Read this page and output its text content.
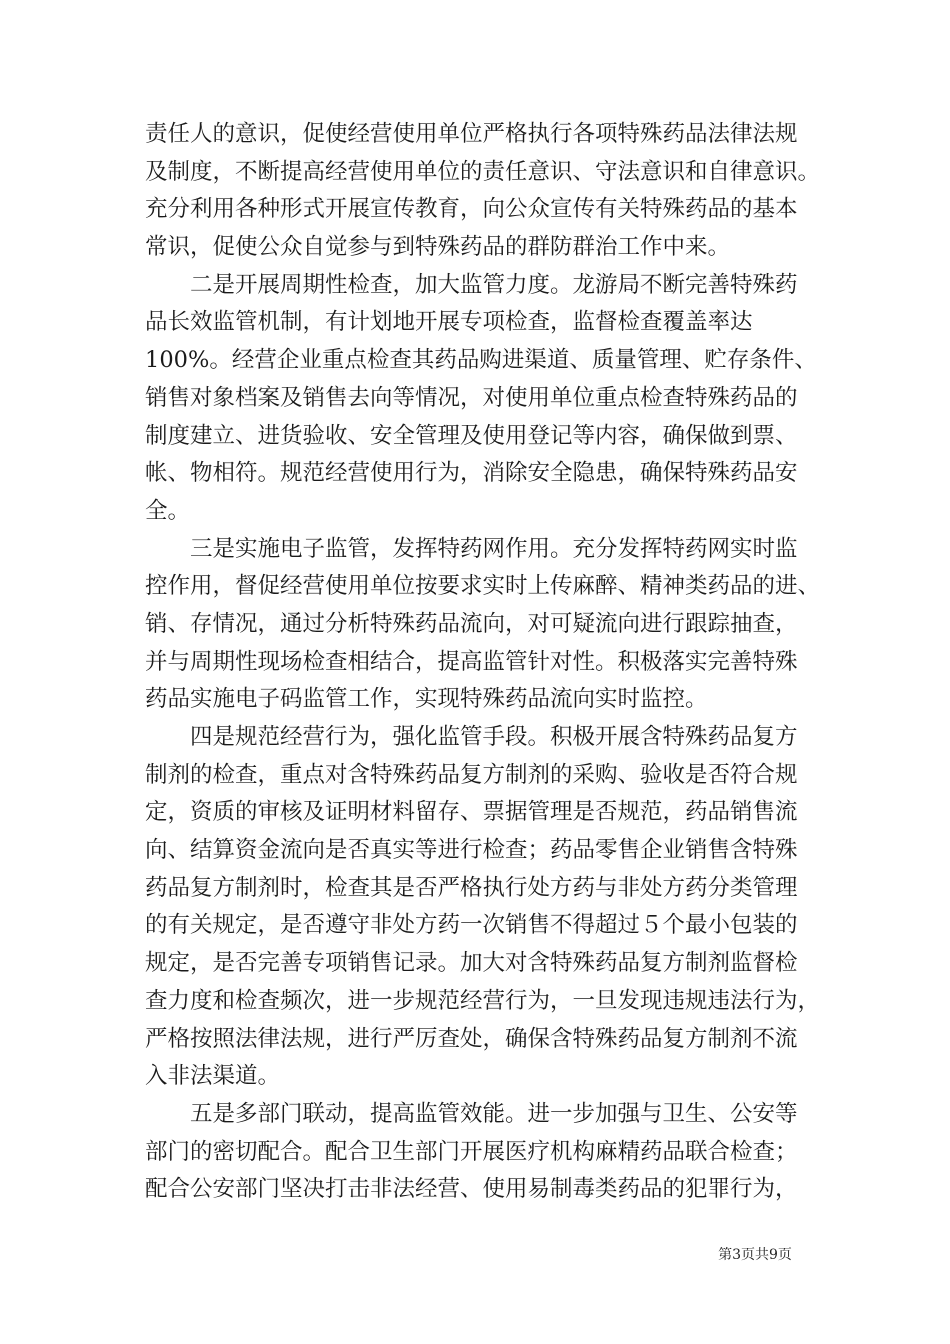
责任人的意识，促使经营使用单位严格执行各项特殊药品法律法规
及制度，不断提高经营使用单位的责任意识、守法意识和自律意识。
充分利用各种形式开展宣传教育，向公众宣传有关特殊药品的基本
常识，促使公众自觉参与到特殊药品的群防群治工作中来。
　　二是开展周期性检查，加大监管力度。龙游局不断完善特殊药
品长效监管机制，有计划地开展专项检查，监督检查覆盖率达
100%。经营企业重点检查其药品购进渠道、质量管理、贮存条件、
销售对象档案及销售去向等情况，对使用单位重点检查特殊药品的
制度建立、进货验收、安全管理及使用登记等内容，确保做到票、
帐、物相符。规范经营使用行为，消除安全隐患，确保特殊药品安
全。
　　三是实施电子监管，发挥特药网作用。充分发挥特药网实时监
控作用，督促经营使用单位按要求实时上传麻醉、精神类药品的进、
销、存情况，通过分析特殊药品流向，对可疑流向进行跟踪抽查，
并与周期性现场检查相结合，提高监管针对性。积极落实完善特殊
药品实施电子码监管工作，实现特殊药品流向实时监控。
　　四是规范经营行为，强化监管手段。积极开展含特殊药品复方
制剂的检查，重点对含特殊药品复方制剂的采购、验收是否符合规
定，资质的审核及证明材料留存、票据管理是否规范，药品销售流
向、结算资金流向是否真实等进行检查；药品零售企业销售含特殊
药品复方制剂时，检查其是否严格执行处方药与非处方药分类管理
的有关规定，是否遵守非处方药一次销售不得超过５个最小包装的
规定，是否完善专项销售记录。加大对含特殊药品复方制剂监督检
查力度和检查频次，进一步规范经营行为，一旦发现违规违法行为，
严格按照法律法规，进行严厉查处，确保含特殊药品复方制剂不流
入非法渠道。
　　五是多部门联动，提高监管效能。进一步加强与卫生、公安等
部门的密切配合。配合卫生部门开展医疗机构麻精药品联合检查；
配合公安部门坚决打击非法经营、使用易制毒类药品的犯罪行为，
第3页共9页
